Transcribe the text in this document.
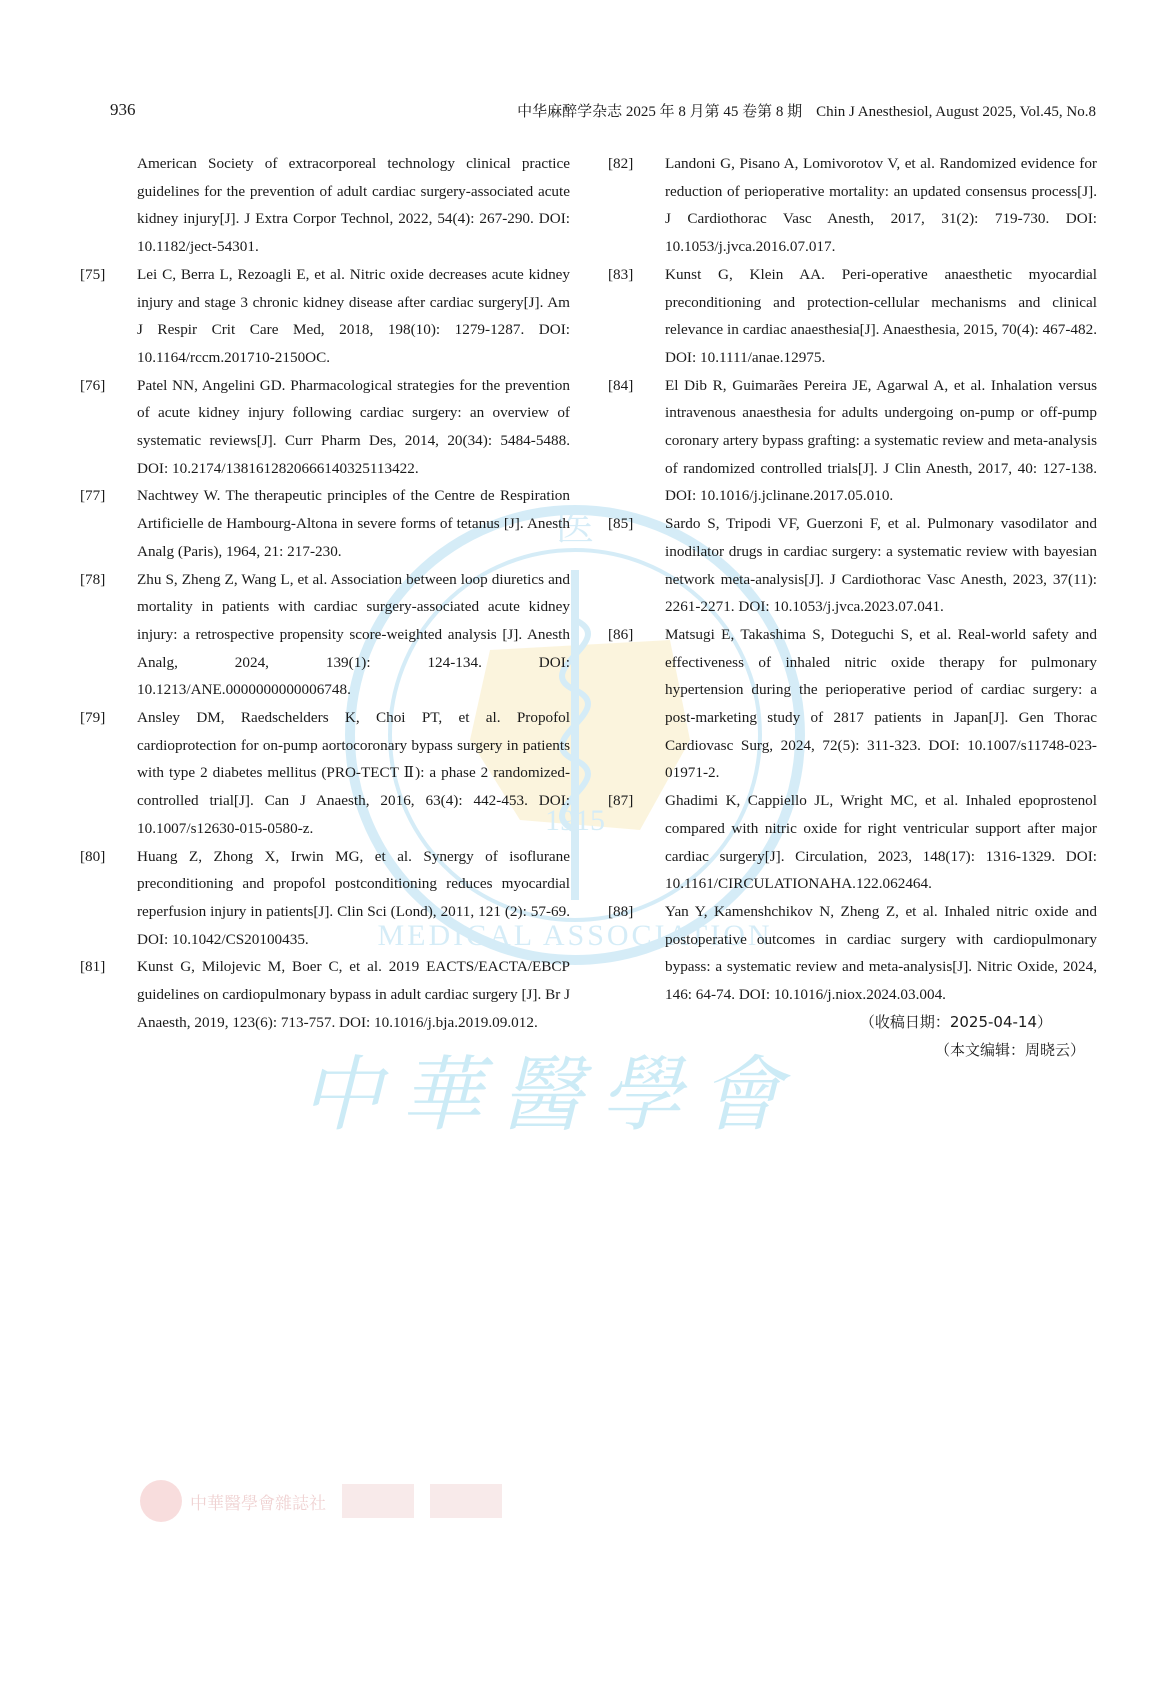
医
1915
MEDICAL ASSOCIATION
中華醫學會
中華醫學會雜誌社
936	中华麻醉学杂志 2025 年 8 月第 45 卷第 8 期 Chin J Anesthesiol, August 2025, Vol.45, No.8

American Society of extracorporeal technology clinical practice guidelines for the prevention of adult cardiac surgery-associated acute kidney injury[J]. J Extra Corpor Technol, 2022, 54(4): 267-290. DOI: 10.1182/ject-54301.

[75] Lei C, Berra L, Rezoagli E, et al. Nitric oxide decreases acute kidney injury and stage 3 chronic kidney disease after cardiac surgery[J]. Am J Respir Crit Care Med, 2018, 198(10): 1279-1287. DOI: 10.1164/rccm.201710-2150OC.

[76] Patel NN, Angelini GD. Pharmacological strategies for the prevention of acute kidney injury following cardiac surgery: an overview of systematic reviews[J]. Curr Pharm Des, 2014, 20(34): 5484-5488. DOI: 10.2174/1381612820666140325113422.

[77] Nachtwey W. The therapeutic principles of the Centre de Respiration Artificielle de Hambourg-Altona in severe forms of tetanus [J]. Anesth Analg (Paris), 1964, 21: 217-230.

[78] Zhu S, Zheng Z, Wang L, et al. Association between loop diuretics and mortality in patients with cardiac surgery-associated acute kidney injury: a retrospective propensity score-weighted analysis [J]. Anesth Analg, 2024, 139(1): 124-134. DOI: 10.1213/ANE.0000000000006748.

[79] Ansley DM, Raedschelders K, Choi PT, et al. Propofol cardioprotection for on-pump aortocoronary bypass surgery in patients with type 2 diabetes mellitus (PRO-TECT Ⅱ): a phase 2 randomized-controlled trial[J]. Can J Anaesth, 2016, 63(4): 442-453. DOI: 10.1007/s12630-015-0580-z.

[80] Huang Z, Zhong X, Irwin MG, et al. Synergy of isoflurane preconditioning and propofol postconditioning reduces myocardial reperfusion injury in patients[J]. Clin Sci (Lond), 2011, 121 (2): 57-69. DOI: 10.1042/CS20100435.

[81] Kunst G, Milojevic M, Boer C, et al. 2019 EACTS/EACTA/EBCP guidelines on cardiopulmonary bypass in adult cardiac surgery [J]. Br J Anaesth, 2019, 123(6): 713-757. DOI: 10.1016/j.bja.2019.09.012.

[82] Landoni G, Pisano A, Lomivorotov V, et al. Randomized evidence for reduction of perioperative mortality: an updated consensus process[J]. J Cardiothorac Vasc Anesth, 2017, 31(2): 719-730. DOI: 10.1053/j.jvca.2016.07.017.

[83] Kunst G, Klein AA. Peri-operative anaesthetic myocardial preconditioning and protection-cellular mechanisms and clinical relevance in cardiac anaesthesia[J]. Anaesthesia, 2015, 70(4): 467-482. DOI: 10.1111/anae.12975.

[84] El Dib R, Guimarães Pereira JE, Agarwal A, et al. Inhalation versus intravenous anaesthesia for adults undergoing on-pump or off-pump coronary artery bypass grafting: a systematic review and meta-analysis of randomized controlled trials[J]. J Clin Anesth, 2017, 40: 127-138. DOI: 10.1016/j.jclinane.2017.05.010.

[85] Sardo S, Tripodi VF, Guerzoni F, et al. Pulmonary vasodilator and inodilator drugs in cardiac surgery: a systematic review with bayesian network meta-analysis[J]. J Cardiothorac Vasc Anesth, 2023, 37(11): 2261-2271. DOI: 10.1053/j.jvca.2023.07.041.

[86] Matsugi E, Takashima S, Doteguchi S, et al. Real-world safety and effectiveness of inhaled nitric oxide therapy for pulmonary hypertension during the perioperative period of cardiac surgery: a post-marketing study of 2817 patients in Japan[J]. Gen Thorac Cardiovasc Surg, 2024, 72(5): 311-323. DOI: 10.1007/s11748-023-01971-2.

[87] Ghadimi K, Cappiello JL, Wright MC, et al. Inhaled epoprostenol compared with nitric oxide for right ventricular support after major cardiac surgery[J]. Circulation, 2023, 148(17): 1316-1329. DOI: 10.1161/CIRCULATIONAHA.122.062464.

[88] Yan Y, Kamenshchikov N, Zheng Z, et al. Inhaled nitric oxide and postoperative outcomes in cardiac surgery with cardiopulmonary bypass: a systematic review and meta-analysis[J]. Nitric Oxide, 2024, 146: 64-74. DOI: 10.1016/j.niox.2024.03.004.

（收稿日期：2025-04-14）
（本文编辑：周晓云）
